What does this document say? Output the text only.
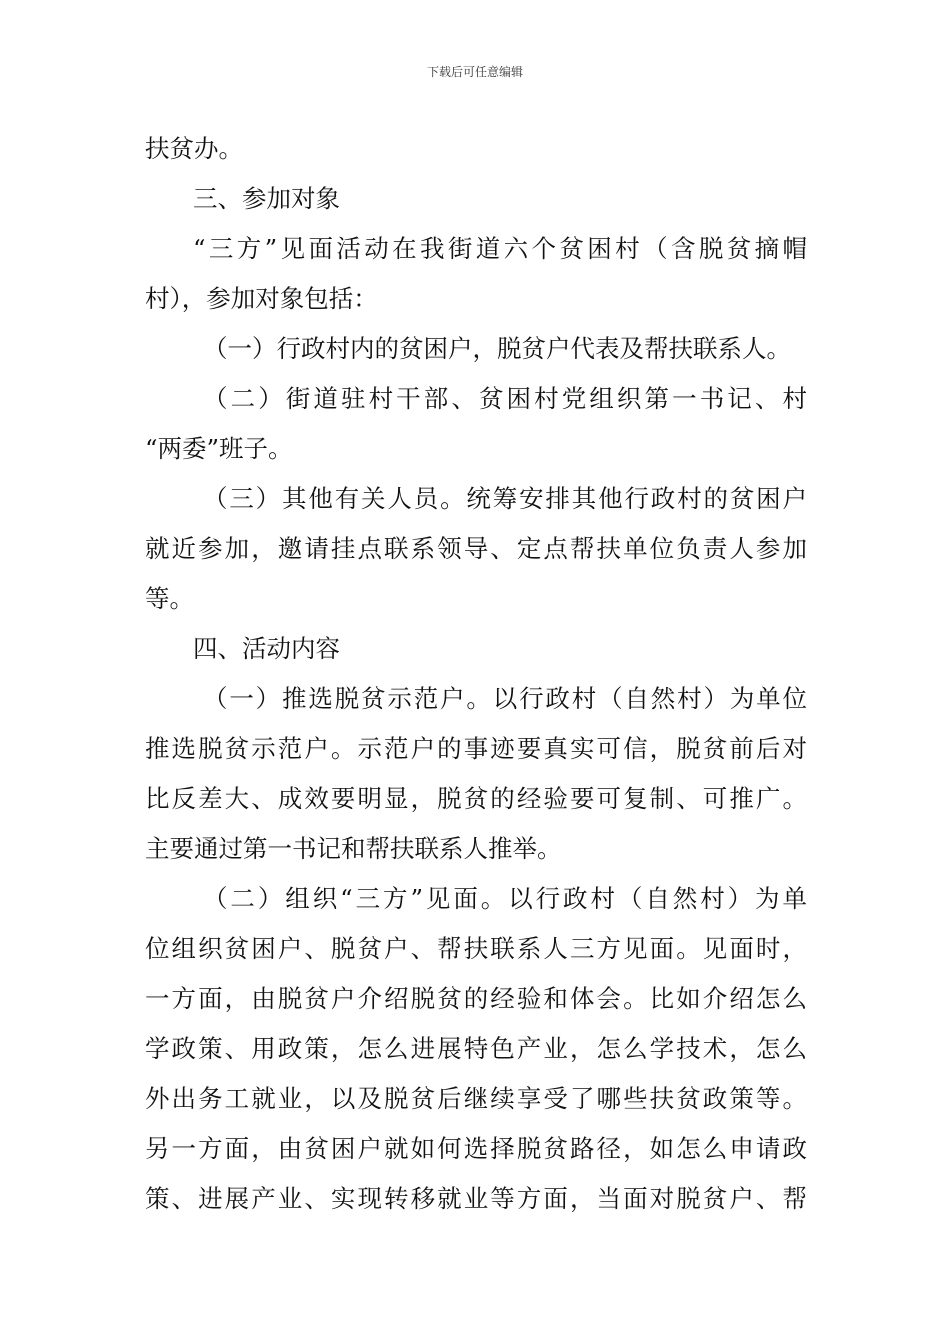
下载后可任意编辑
扶贫办。
三、参加对象
“三方”见面活动在我街道六个贫困村（含脱贫摘帽
村），参加对象包括：
（一）行政村内的贫困户，脱贫户代表及帮扶联系人。
（二）街道驻村干部、贫困村党组织第一书记、村
“两委”班子。
（三）其他有关人员。统筹安排其他行政村的贫困户
就近参加，邀请挂点联系领导、定点帮扶单位负责人参加
等。
四、活动内容
（一）推选脱贫示范户。以行政村（自然村）为单位
推选脱贫示范户。示范户的事迹要真实可信，脱贫前后对
比反差大、成效要明显，脱贫的经验要可复制、可推广。
主要通过第一书记和帮扶联系人推举。
（二）组织“三方”见面。以行政村（自然村）为单
位组织贫困户、脱贫户、帮扶联系人三方见面。见面时，
一方面，由脱贫户介绍脱贫的经验和体会。比如介绍怎么
学政策、用政策，怎么进展特色产业，怎么学技术，怎么
外出务工就业，以及脱贫后继续享受了哪些扶贫政策等。
另一方面，由贫困户就如何选择脱贫路径，如怎么申请政
策、进展产业、实现转移就业等方面，当面对脱贫户、帮
